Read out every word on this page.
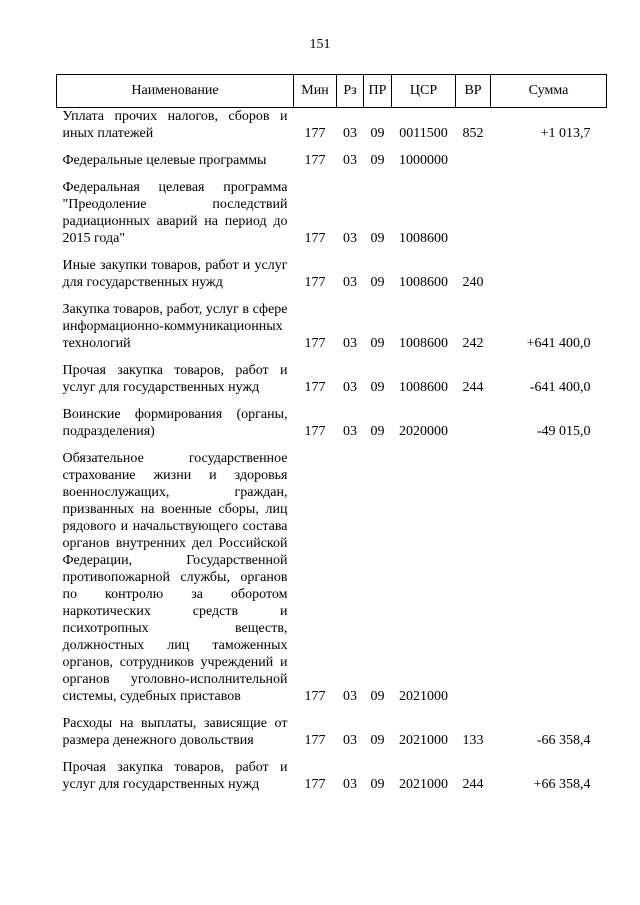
151
Наименование	Мин	Рз	ПР	ЦСР	ВР	Сумма
Уплата прочих налогов, сборов и иных платежей	177	03	09	0011500	852	+1 013,7
Федеральные целевые программы	177	03	09	1000000		
Федеральная целевая программа "Преодоление последствий радиационных аварий на период до 2015 года"	177	03	09	1008600		
Иные закупки товаров, работ и услуг для государственных нужд	177	03	09	1008600	240	
Закупка товаров, работ, услуг в сфере информационно-коммуникационных технологий	177	03	09	1008600	242	+641 400,0
Прочая закупка товаров, работ и услуг для государственных нужд	177	03	09	1008600	244	-641 400,0
Воинские формирования (органы, подразделения)	177	03	09	2020000		-49 015,0
Обязательное государственное страхование жизни и здоровья военнослужащих, граждан, призванных на военные сборы, лиц рядового и начальствующего состава органов внутренних дел Российской Федерации, Государственной противопожарной службы, органов по контролю за оборотом наркотических средств и психотропных веществ, должностных лиц таможенных органов, сотрудников учреждений и органов уголовно-исполнительной системы, судебных приставов	177	03	09	2021000		
Расходы на выплаты, зависящие от размера денежного довольствия	177	03	09	2021000	133	-66 358,4
Прочая закупка товаров, работ и услуг для государственных нужд	177	03	09	2021000	244	+66 358,4
